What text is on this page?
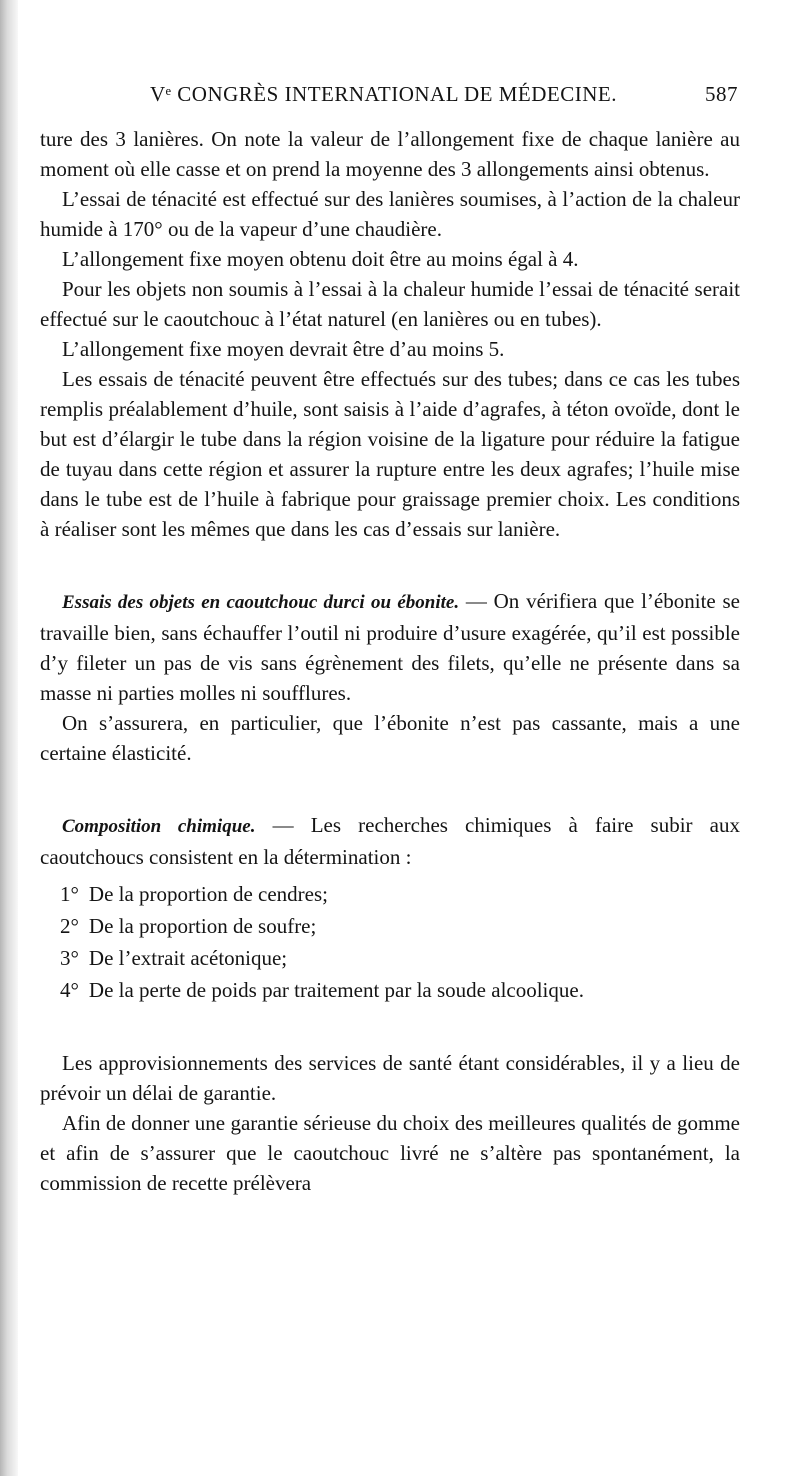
Vᵉ CONGRÈS INTERNATIONAL DE MÉDECINE.	587

ture des 3 lanières. On note la valeur de l’allongement fixe de chaque lanière au moment où elle casse et on prend la moyenne des 3 allongements ainsi obtenus.

L’essai de ténacité est effectué sur des lanières soumises, à l’action de la chaleur humide à 170° ou de la vapeur d’une chaudière.

L’allongement fixe moyen obtenu doit être au moins égal à 4.

Pour les objets non soumis à l’essai à la chaleur humide l’essai de ténacité serait effectué sur le caoutchouc à l’état naturel (en lanières ou en tubes).

L’allongement fixe moyen devrait être d’au moins 5.

Les essais de ténacité peuvent être effectués sur des tubes; dans ce cas les tubes remplis préalablement d’huile, sont saisis à l’aide d’agrafes, à téton ovoïde, dont le but est d’élargir le tube dans la région voisine de la ligature pour réduire la fatigue de tuyau dans cette région et assurer la rupture entre les deux agrafes; l’huile mise dans le tube est de l’huile à fabrique pour graissage premier choix. Les conditions à réaliser sont les mêmes que dans les cas d’essais sur lanière.

Essais des objets en caoutchouc durci ou ébonite. — On vérifiera que l’ébonite se travaille bien, sans échauffer l’outil ni produire d’usure exagérée, qu’il est possible d’y fileter un pas de vis sans égrènement des filets, qu’elle ne présente dans sa masse ni parties molles ni soufflures.

On s’assurera, en particulier, que l’ébonite n’est pas cassante, mais a une certaine élasticité.

Composition chimique. — Les recherches chimiques à faire subir aux caoutchoucs consistent en la détermination :

1° De la proportion de cendres;
2° De la proportion de soufre;
3° De l’extrait acétonique;
4° De la perte de poids par traitement par la soude alcoolique.

Les approvisionnements des services de santé étant considérables, il y a lieu de prévoir un délai de garantie.

Afin de donner une garantie sérieuse du choix des meilleures qualités de gomme et afin de s’assurer que le caoutchouc livré ne s’altère pas spontanément, la commission de recette prélèvera
